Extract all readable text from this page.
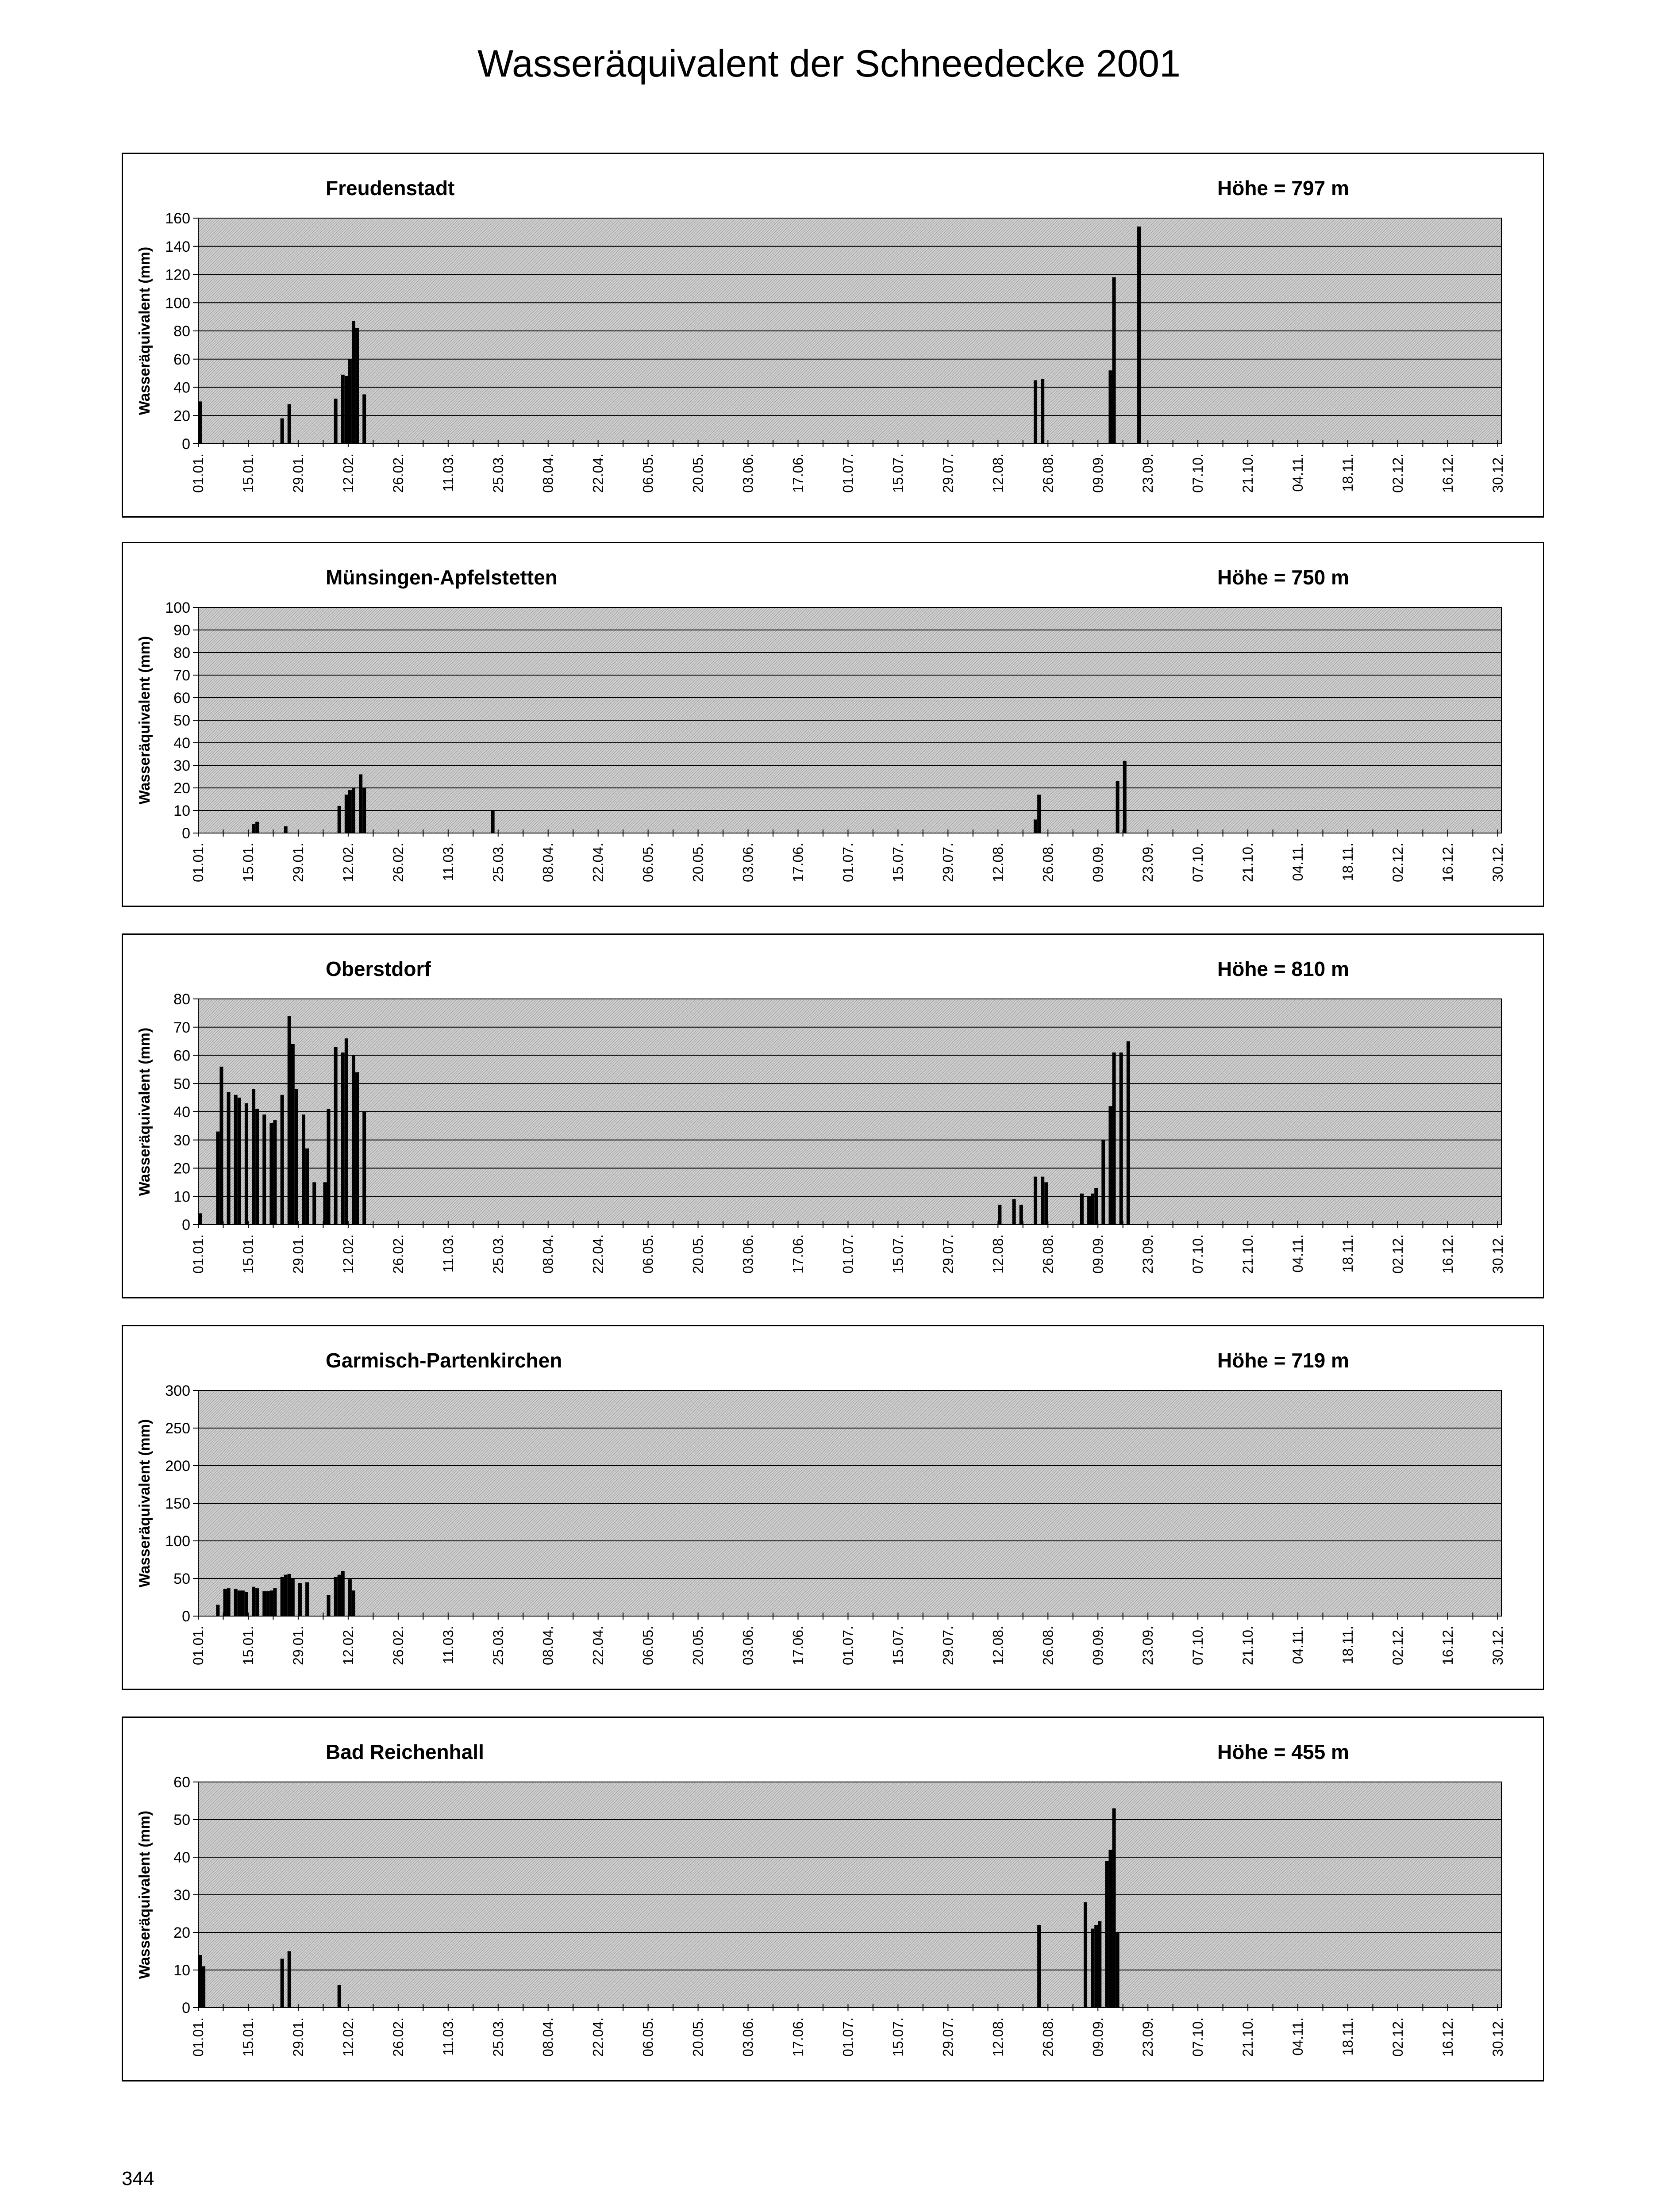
Wasseräquivalent der Schneedecke 2001
Freudenstadt	Höhe = 797 m
0
20
40
60
80
100
120
140
160
Wasseräquivalent (mm)
01.01. 15.01. 29.01. 12.02. 26.02. 11.03. 25.03. 08.04. 22.04. 06.05. 20.05. 03.06. 17.06. 01.07. 15.07. 29.07. 12.08. 26.08. 09.09. 23.09. 07.10. 21.10. 04.11. 18.11. 02.12. 16.12. 30.12.
Münsingen-Apfelstetten	Höhe = 750 m
0
10
20
30
40
50
60
70
80
90
100
Wasseräquivalent (mm)
01.01. 15.01. 29.01. 12.02. 26.02. 11.03. 25.03. 08.04. 22.04. 06.05. 20.05. 03.06. 17.06. 01.07. 15.07. 29.07. 12.08. 26.08. 09.09. 23.09. 07.10. 21.10. 04.11. 18.11. 02.12. 16.12. 30.12.
Oberstdorf	Höhe = 810 m
0
10
20
30
40
50
60
70
80
Wasseräquivalent (mm)
01.01. 15.01. 29.01. 12.02. 26.02. 11.03. 25.03. 08.04. 22.04. 06.05. 20.05. 03.06. 17.06. 01.07. 15.07. 29.07. 12.08. 26.08. 09.09. 23.09. 07.10. 21.10. 04.11. 18.11. 02.12. 16.12. 30.12.
Garmisch-Partenkirchen	Höhe = 719 m
0
50
100
150
200
250
300
Wasseräquivalent (mm)
01.01. 15.01. 29.01. 12.02. 26.02. 11.03. 25.03. 08.04. 22.04. 06.05. 20.05. 03.06. 17.06. 01.07. 15.07. 29.07. 12.08. 26.08. 09.09. 23.09. 07.10. 21.10. 04.11. 18.11. 02.12. 16.12. 30.12.
Bad Reichenhall	Höhe = 455 m
0
10
20
30
40
50
60
Wasseräquivalent (mm)
01.01. 15.01. 29.01. 12.02. 26.02. 11.03. 25.03. 08.04. 22.04. 06.05. 20.05. 03.06. 17.06. 01.07. 15.07. 29.07. 12.08. 26.08. 09.09. 23.09. 07.10. 21.10. 04.11. 18.11. 02.12. 16.12. 30.12.
344
